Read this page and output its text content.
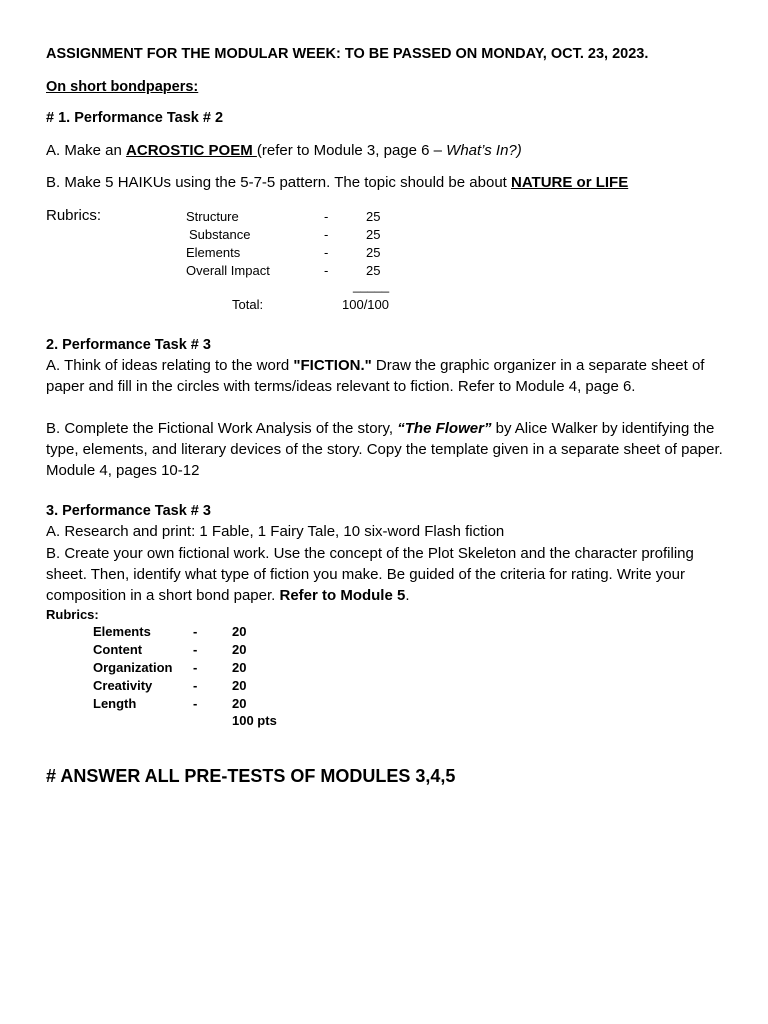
ASSIGNMENT FOR THE MODULAR WEEK: TO BE PASSED ON MONDAY, OCT. 23, 2023.
On short bondpapers:
# 1. Performance Task # 2
A. Make an ACROSTIC POEM (refer to Module 3, page 6 – What’s In?)
B. Make 5 HAIKUs using the 5-7-5 pattern. The topic should be about NATURE or LIFE
Rubrics:	Structure	-	25
Substance	-	25
Elements	-	25
Overall Impact	-	25
_____
Total:	100/100
2. Performance Task # 3
A. Think of ideas relating to the word "FICTION." Draw the graphic organizer in a separate sheet of paper and fill in the circles with terms/ideas relevant to fiction. Refer to Module 4, page 6.
B. Complete the Fictional Work Analysis of the story, “The Flower” by Alice Walker by identifying the type, elements, and literary devices of the story. Copy the template given in a separate sheet of paper. Module 4, pages 10-12
3. Performance Task # 3
A. Research and print: 1 Fable, 1 Fairy Tale, 10 six-word Flash fiction
B. Create your own fictional work. Use the concept of the Plot Skeleton and the character profiling sheet. Then, identify what type of fiction you make. Be guided of the criteria for rating. Write your composition in a short bond paper. Refer to Module 5.
Rubrics:
Elements	-	20
Content	-	20
Organization	-	20
Creativity	-	20
Length	-	20
100 pts
# ANSWER ALL PRE-TESTS OF MODULES 3,4,5
